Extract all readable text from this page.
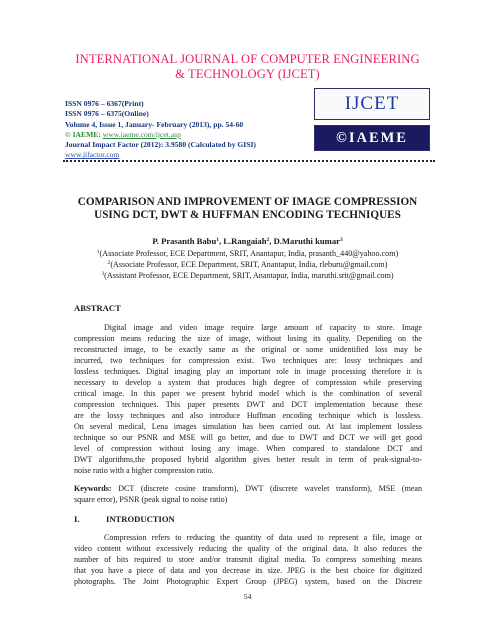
INTERNATIONAL JOURNAL OF COMPUTER ENGINEERING
& TECHNOLOGY (IJCET)
ISSN 0976 – 6367(Print)
ISSN 0976 – 6375(Online)
Volume 4, Issue 1, January- February (2013), pp. 54-60
© IAEME: www.iaeme.com/ijcet.asp
Journal Impact Factor (2012): 3.9580 (Calculated by GISI)
www.jifactor.com
IJCET
©IAEME
COMPARISON AND IMPROVEMENT OF IMAGE COMPRESSION
USING DCT, DWT & HUFFMAN ENCODING TECHNIQUES
P. Prasanth Babu$^1$, L.Rangaiah$^2$, D.Maruthi kumar$^3$
$^1$(Associate Professor, ECE Department, SRIT, Anantapur, India, prasanth_440@yahoo.com)
$^2$(Associate Professor, ECE Department, SRIT, Anantapur, India, rleburu@gmail.com)
$^3$(Assistant Professor, ECE Department, SRIT, Anantapur, India, maruthi.srit@gmail.com)
ABSTRACT
Digital image and video image require large amount of capacity to store. Image
compression means reducing the size of image, without losing its quality. Depending on the
reconstructed image, to be exactly same as the original or some unidentified loss may be
incurred, two techniques for compression exist. Two techniques are: lossy techniques and
lossless techniques. Digital imaging play an important role in image processing therefore it is
necessary to develop a system that produces high degree of compression while preserving
critical image. In this paper we present hybrid model which is the combination of several
compression techniques. This paper presents DWT and DCT implementation because these
are the lossy techniques and also introduce Huffman encoding technique which is lossless.
On several medical, Lena images simulation has been carried out. At last implement lossless
technique so our PSNR and MSE will go better, and due to DWT and DCT we will get good
level of compression without losing any image. When compared to standalone DCT and
DWT algorithms,the proposed hybrid algorithm gives better result in term of peak-signal-to-
noise ratio with a higher compression ratio.
Keywords: DCT (discrete cosine transform), DWT (discrete wavelet transform), MSE (mean
square error), PSNR (peak signal to noise ratio)
I.	INTRODUCTION
Compression refers to reducing the quantity of data used to represent a file, image or
video content without excessively reducing the quality of the original data. It also reduces the
number of bits required to store and/or transmit digital media. To compress something means
that you have a piece of data and you decrease its size. JPEG is the best choice for digitized
photographs. The Joint Photographic Expert Group (JPEG) system, based on the Discrete
54
